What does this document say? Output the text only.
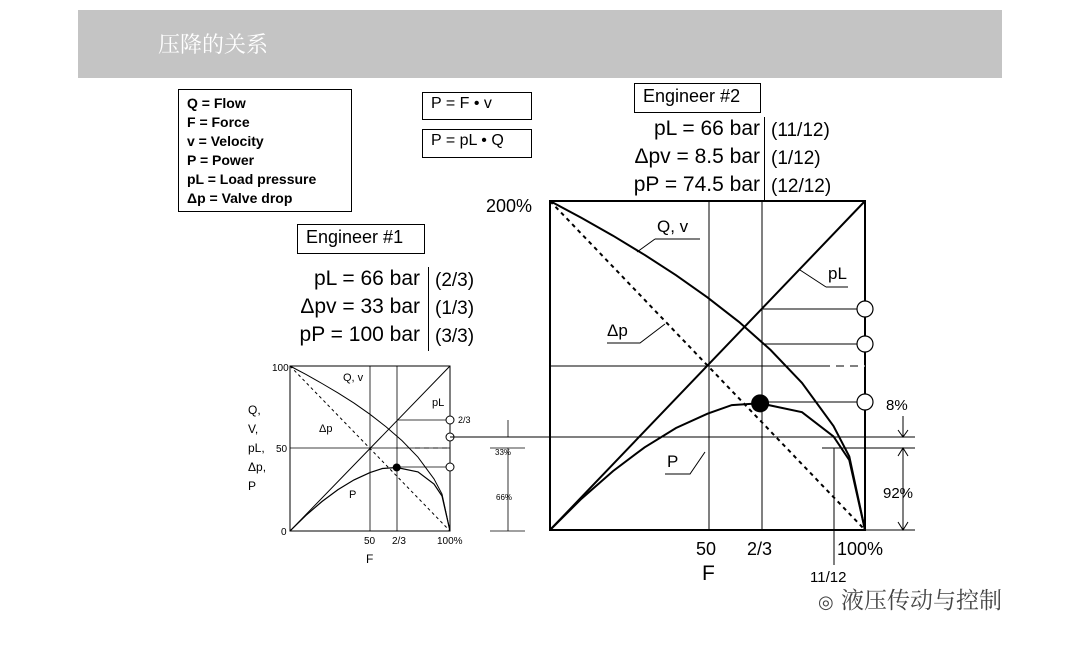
压降的关系
Q = Flow
F = Force
v = Velocity
P = Power
pL = Load pressure
Δp = Valve drop
P = F • v
P = pL • Q
Engineer #1
pL = 66 bar
Δpv = 33 bar
pP = 100 bar
(2/3)
(1/3)
(3/3)
Engineer #2
pL = 66 bar
Δpv = 8.5 bar
pP = 74.5 bar
(11/12)
(1/12)
(12/12)
2/3
33%
66%
100
50
0
50 2/3	100%
F
Q,
V,
pL,
Δp,
P
Q, v
pL
Δp
P
8%
92%
200%
50 2/3	100%
11/12
F
Q, v
pL
Δp
P
◎ 液压传动与控制
